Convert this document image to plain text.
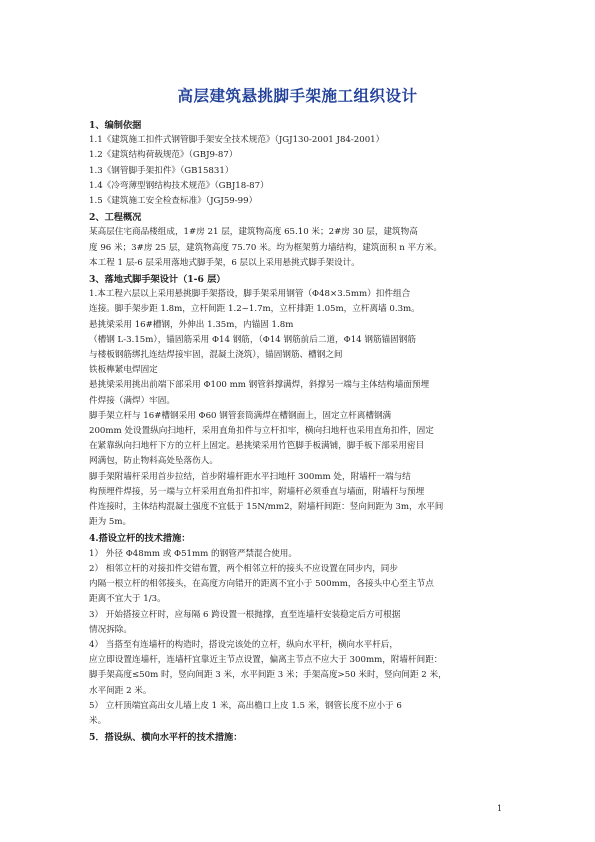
高层建筑悬挑脚手架施工组织设计

1、编制依据

1.1《建筑施工扣件式钢管脚手架安全技术规范》（JGJ130-2001 J84-2001）

1.2《建筑结构荷载规范》（GBJ9-87）

1.3《钢管脚手架扣件》（GB15831）

1.4《冷弯薄型钢结构技术规范》（GBJ18-87）

1.5《建筑施工安全检查标准》（JGJ59-99）

2、工程概况

某高层住宅商品楼组成，1#房 21 层，建筑物高度 65.10 米；2#房 30 层，建筑物高

度 96 米；3#房 25 层，建筑物高度 75.70 米。均为框架剪力墙结构，建筑面积 n 平方米。

本工程 1 层-6 层采用落地式脚手架，6 层以上采用悬挑式脚手架设计。

3、落地式脚手架设计（1-6 层）

1.本工程六层以上采用悬挑脚手架搭设，脚手架采用钢管（Φ48×3.5mm）扣件组合

连接。脚手架步距 1.8m，立杆间距 1.2~1.7m，立杆排距 1.05m，立杆离墙 0.3m。

悬挑梁采用 16#槽钢，外伸出 1.35m，内锚固 1.8m

（槽钢 L-3.15m），锚固筋采用 Φ14 钢筋，（Φ14 钢筋前后二道，Φ14 钢筋锚固钢筋

与楼板钢筋绑扎连结焊接牢固，混凝土浇筑），锚固钢筋、槽钢之间

铁板榫紧电焊固定

悬挑梁采用挑出前端下部采用 Φ100 mm 钢管斜撑满焊，斜撑另一端与主体结构墙面预埋

件焊接（满焊）牢固。

脚手架立杆与 16#槽钢采用 Φ60 钢管套筒满焊在槽钢面上，固定立杆离槽钢满

200mm 处设置纵向扫地杆，采用直角扣件与立杆扣牢，横向扫地杆也采用直角扣件，固定

在紧靠纵向扫地杆下方的立杆上固定。悬挑梁采用竹笆脚手板满铺，脚手板下部采用密目

网满包，防止物料高处坠落伤人。

脚手架附墙杆采用首步拉结，首步附墙杆距水平扫地杆 300mm 处，附墙杆一端与结

构预埋件焊接，另一端与立杆采用直角扣件扣牢，附墙杆必须垂直与墙面，附墙杆与预埋

件连接时，主体结构混凝土强度不宜低于 15N/mm2，附墙杆间距：竖向间距为 3m，水平间

距为 5m。

4.搭设立杆的技术措施：

1） 外径 Φ48mm 或 Φ51mm 的钢管严禁混合使用。

2） 相邻立杆的对接扣件交错布置，两个相邻立杆的接头不应设置在同步内，同步

内隔一根立杆的相邻接头，在高度方向错开的距离不宜小于 500mm，各接头中心至主节点

距离不宜大于 1/3。

3） 开始搭接立杆时，应每隔 6 跨设置一根抛撑，直至连墙杆安装稳定后方可根据

情况拆除。

4） 当搭至有连墙杆的构造时，搭设完该处的立杆，纵向水平杆，横向水平杆后，

应立即设置连墙杆，连墙杆宜靠近主节点设置，偏离主节点不应大于 300mm，附墙杆间距：

脚手架高度≤50m 时，竖向间距 3 米，水平间距 3 米；手架高度>50 米时，竖向间距 2 米，

水平间距 2 米。

5） 立杆顶端宜高出女儿墙上皮 1 米，高出檐口上皮 1.5 米，钢管长度不应小于 6

米。

5．搭设纵、横向水平杆的技术措施：

1
